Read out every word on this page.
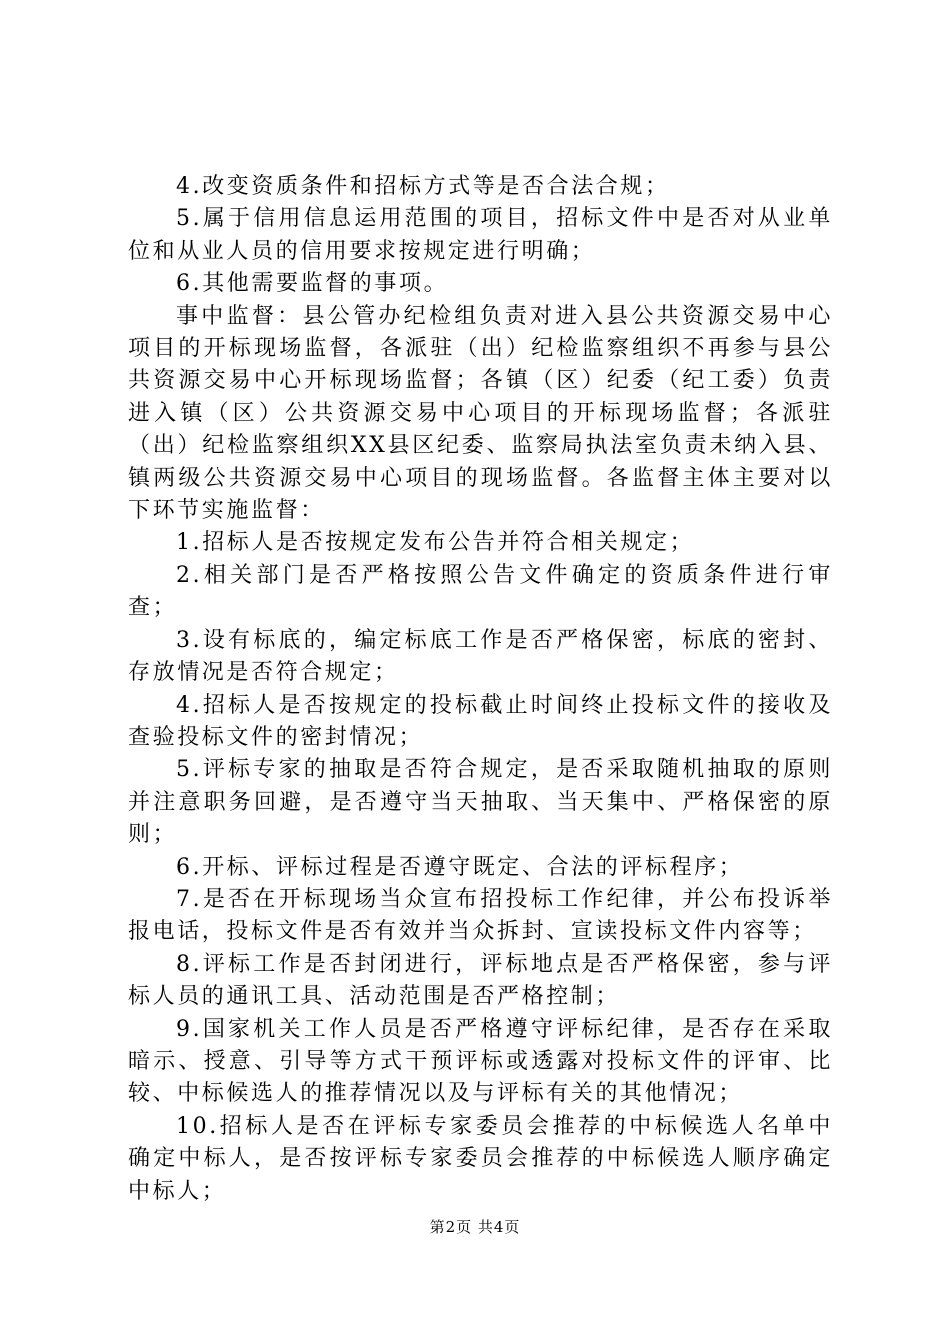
4.改变资质条件和招标方式等是否合法合规；

5.属于信用信息运用范围的项目，招标文件中是否对从业单位和从业人员的信用要求按规定进行明确；

6.其他需要监督的事项。

事中监督：县公管办纪检组负责对进入县公共资源交易中心项目的开标现场监督，各派驻（出）纪检监察组织不再参与县公共资源交易中心开标现场监督；各镇（区）纪委（纪工委）负责进入镇（区）公共资源交易中心项目的开标现场监督；各派驻（出）纪检监察组织XX县区纪委、监察局执法室负责未纳入县、镇两级公共资源交易中心项目的现场监督。各监督主体主要对以下环节实施监督：

1.招标人是否按规定发布公告并符合相关规定；

2.相关部门是否严格按照公告文件确定的资质条件进行审查；

3.设有标底的，编定标底工作是否严格保密，标底的密封、存放情况是否符合规定；

4.招标人是否按规定的投标截止时间终止投标文件的接收及查验投标文件的密封情况；

5.评标专家的抽取是否符合规定，是否采取随机抽取的原则并注意职务回避，是否遵守当天抽取、当天集中、严格保密的原则；

6.开标、评标过程是否遵守既定、合法的评标程序；

7.是否在开标现场当众宣布招投标工作纪律，并公布投诉举报电话，投标文件是否有效并当众拆封、宣读投标文件内容等；

8.评标工作是否封闭进行，评标地点是否严格保密，参与评标人员的通讯工具、活动范围是否严格控制；

9.国家机关工作人员是否严格遵守评标纪律，是否存在采取暗示、授意、引导等方式干预评标或透露对投标文件的评审、比较、中标候选人的推荐情况以及与评标有关的其他情况；

10.招标人是否在评标专家委员会推荐的中标候选人名单中确定中标人，是否按评标专家委员会推荐的中标候选人顺序确定中标人；

第2页 共4页
